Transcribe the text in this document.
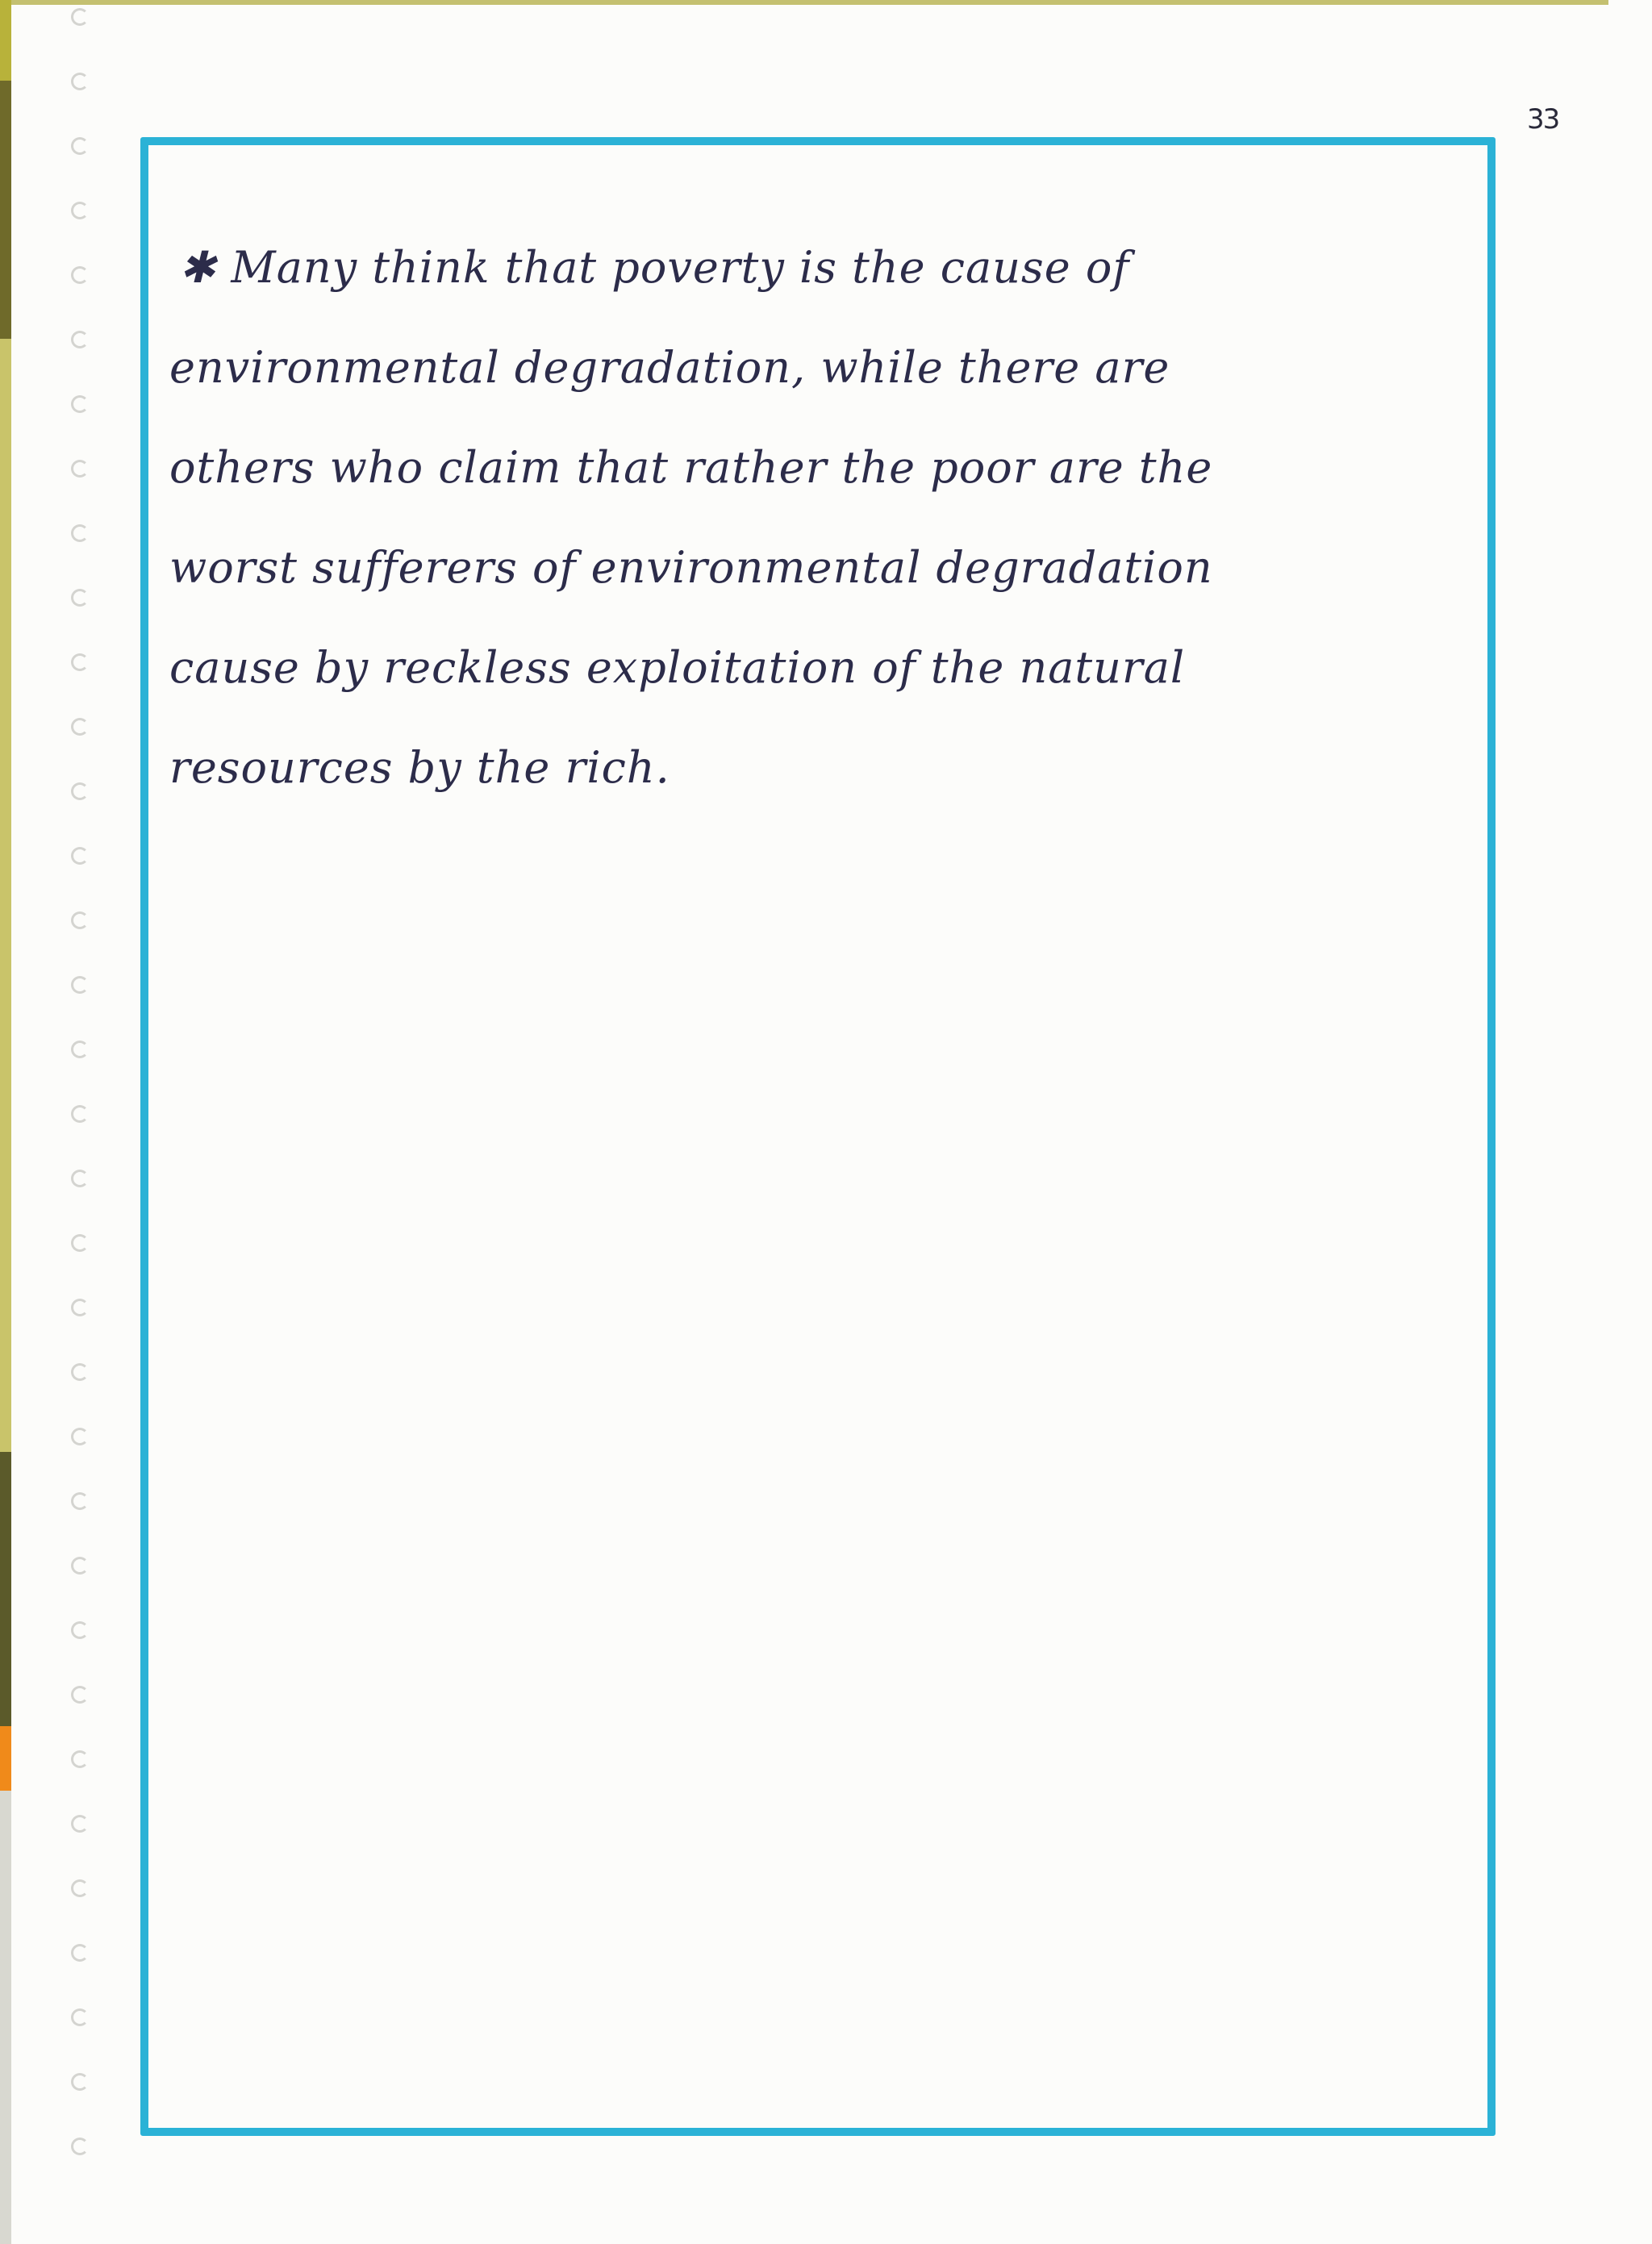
33
✱ Many think that poverty is the cause of
environmental degradation, while there are
others who claim that rather the poor are the
worst sufferers of environmental degradation
cause by reckless exploitation of the natural
resources by the rich.
